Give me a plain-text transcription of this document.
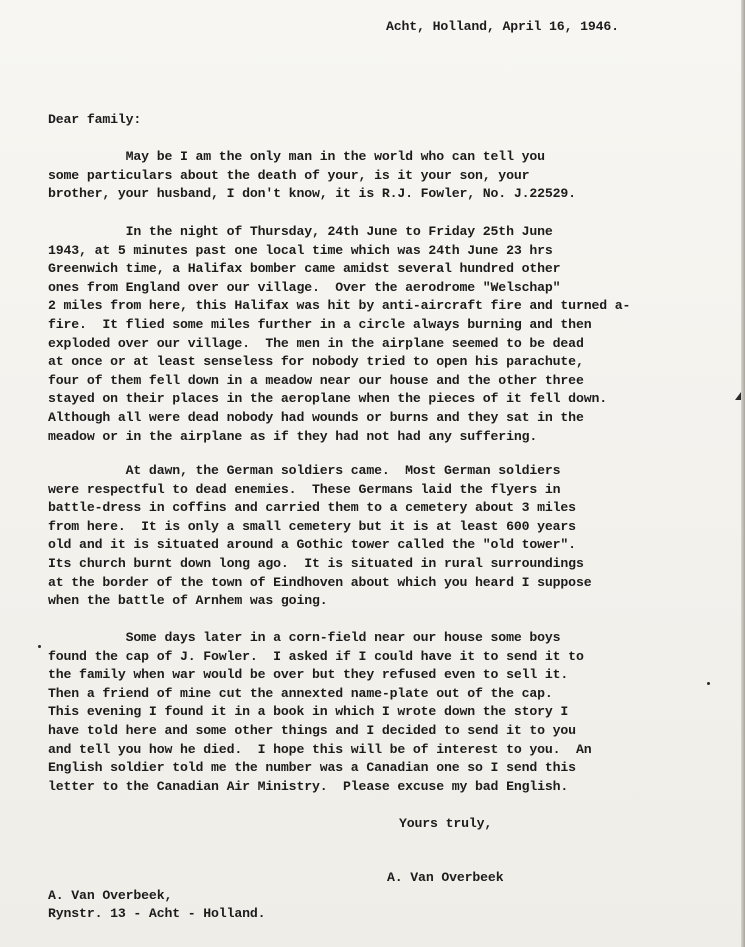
Acht, Holland, April 16, 1946.
Dear family:
May be I am the only man in the world who can tell you
some particulars about the death of your, is it your son, your
brother, your husband, I don't know, it is R.J. Fowler, No. J.22529.
In the night of Thursday, 24th June to Friday 25th June
1943, at 5 minutes past one local time which was 24th June 23 hrs
Greenwich time, a Halifax bomber came amidst several hundred other
ones from England over our village.  Over the aerodrome "Welschap"
2 miles from here, this Halifax was hit by anti-aircraft fire and turned a-
fire.  It flied some miles further in a circle always burning and then
exploded over our village.  The men in the airplane seemed to be dead
at once or at least senseless for nobody tried to open his parachute,
four of them fell down in a meadow near our house and the other three
stayed on their places in the aeroplane when the pieces of it fell down.
Although all were dead nobody had wounds or burns and they sat in the
meadow or in the airplane as if they had not had any suffering.
At dawn, the German soldiers came.  Most German soldiers
were respectful to dead enemies.  These Germans laid the flyers in
battle-dress in coffins and carried them to a cemetery about 3 miles
from here.  It is only a small cemetery but it is at least 600 years
old and it is situated around a Gothic tower called the "old tower".
Its church burnt down long ago.  It is situated in rural surroundings
at the border of the town of Eindhoven about which you heard I suppose
when the battle of Arnhem was going.
Some days later in a corn-field near our house some boys
found the cap of J. Fowler.  I asked if I could have it to send it to
the family when war would be over but they refused even to sell it.
Then a friend of mine cut the annexted name-plate out of the cap.
This evening I found it in a book in which I wrote down the story I
have told here and some other things and I decided to send it to you
and tell you how he died.  I hope this will be of interest to you.  An
English soldier told me the number was a Canadian one so I send this
letter to the Canadian Air Ministry.  Please excuse my bad English.
Yours truly,
A. Van Overbeek
A. Van Overbeek,
Rynstr. 13 - Acht - Holland.
